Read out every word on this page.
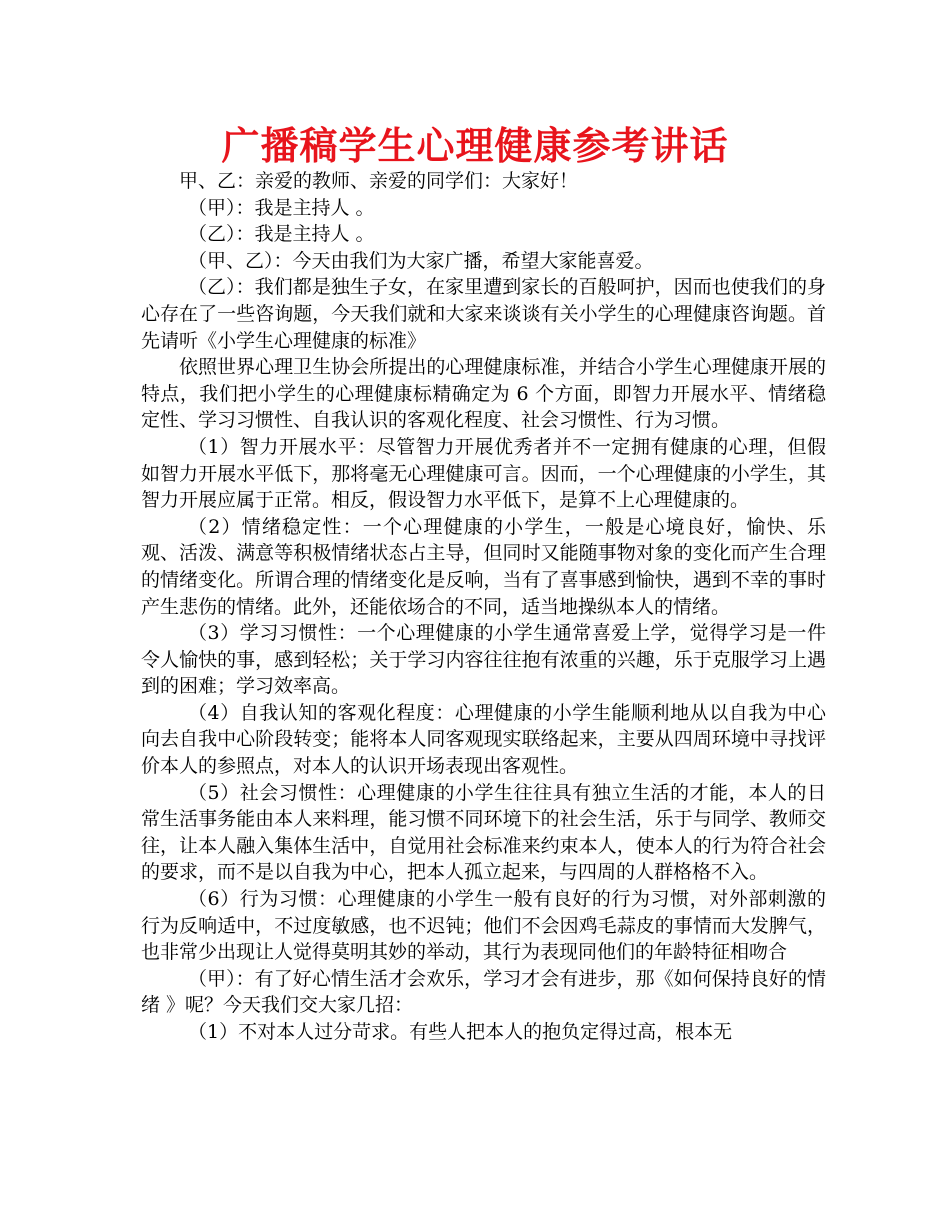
广播稿学生心理健康参考讲话

甲、乙：亲爱的教师、亲爱的同学们：大家好！

（甲）：我是主持人 。

（乙）：我是主持人 。

（甲、乙）：今天由我们为大家广播，希望大家能喜爱。

（乙）：我们都是独生子女，在家里遭到家长的百般呵护，因而也使我们的身心存在了一些咨询题，今天我们就和大家来谈谈有关小学生的心理健康咨询题。首先请听《小学生心理健康的标准》

依照世界心理卫生协会所提出的心理健康标准，并结合小学生心理健康开展的特点，我们把小学生的心理健康标精确定为 6 个方面，即智力开展水平、情绪稳定性、学习习惯性、自我认识的客观化程度、社会习惯性、行为习惯。

（1）智力开展水平：尽管智力开展优秀者并不一定拥有健康的心理，但假如智力开展水平低下，那将毫无心理健康可言。因而，一个心理健康的小学生，其智力开展应属于正常。相反，假设智力水平低下，是算不上心理健康的。

（2）情绪稳定性：一个心理健康的小学生，一般是心境良好，愉快、乐观、活泼、满意等积极情绪状态占主导，但同时又能随事物对象的变化而产生合理的情绪变化。所谓合理的情绪变化是反响，当有了喜事感到愉快，遇到不幸的事时产生悲伤的情绪。此外，还能依场合的不同，适当地操纵本人的情绪。

（3）学习习惯性：一个心理健康的小学生通常喜爱上学，觉得学习是一件令人愉快的事，感到轻松；关于学习内容往往抱有浓重的兴趣，乐于克服学习上遇到的困难；学习效率高。

（4）自我认知的客观化程度：心理健康的小学生能顺利地从以自我为中心向去自我中心阶段转变；能将本人同客观现实联络起来，主要从四周环境中寻找评价本人的参照点，对本人的认识开场表现出客观性。

（5）社会习惯性：心理健康的小学生往往具有独立生活的才能，本人的日常生活事务能由本人来料理，能习惯不同环境下的社会生活，乐于与同学、教师交往，让本人融入集体生活中，自觉用社会标准来约束本人，使本人的行为符合社会的要求，而不是以自我为中心，把本人孤立起来，与四周的人群格格不入。

（6）行为习惯：心理健康的小学生一般有良好的行为习惯，对外部刺激的行为反响适中，不过度敏感，也不迟钝；他们不会因鸡毛蒜皮的事情而大发脾气，也非常少出现让人觉得莫明其妙的举动，其行为表现同他们的年龄特征相吻合

（甲）：有了好心情生活才会欢乐，学习才会有进步，那《如何保持良好的情绪 》呢？今天我们交大家几招：

（1）不对本人过分苛求。有些人把本人的抱负定得过高，根本无
